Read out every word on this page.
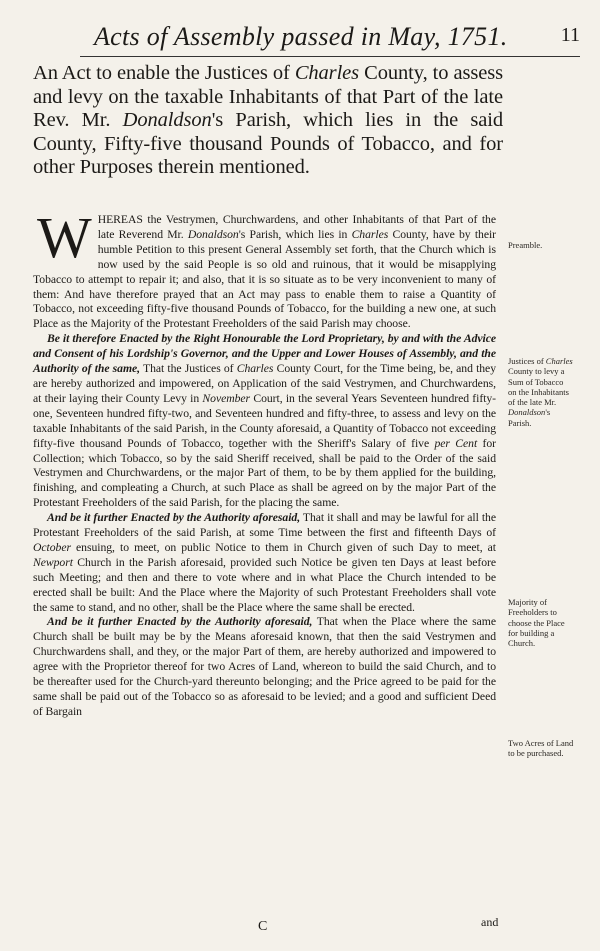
Acts of Assembly passed in May, 1751.	11
An Act to enable the Justices of Charles County, to assess and levy on the taxable Inhabitants of that Part of the late Rev. Mr. Donaldson's Parish, which lies in the said County, Fifty-five thousand Pounds of Tobacco, and for other Purposes therein mentioned.

WHEREAS the Vestrymen, Churchwardens, and other Inhabitants of that Part of the late Reverend Mr. Donaldson's Parish, which lies in Charles County, have by their humble Petition to this present General Assembly set forth, that the Church which is now used by the said People is so old and ruinous, that it would be misapplying Tobacco to attempt to repair it; and also, that it is so situate as to be very inconvenient to many of them: And have therefore prayed that an Act may pass to enable them to raise a Quantity of Tobacco, not exceeding fifty-five thousand Pounds of Tobacco, for the building a new one, at such Place as the Majority of the Protestant Freeholders of the said Parish may choose.

Be it therefore Enacted by the Right Honourable the Lord Proprietary, by and with the Advice and Consent of his Lordship's Governor, and the Upper and Lower Houses of Assembly, and the Authority of the same, That the Justices of Charles County Court, for the Time being, be, and they are hereby authorized and impowered, on Application of the said Vestrymen, and Churchwardens, at their laying their County Levy in November Court, in the several Years Seventeen hundred fifty-one, Seventeen hundred fifty-two, and Seventeen hundred and fifty-three, to assess and levy on the taxable Inhabitants of the said Parish, in the County aforesaid, a Quantity of Tobacco not exceeding fifty-five thousand Pounds of Tobacco, together with the Sheriff's Salary of five per Cent for Collection; which Tobacco, so by the said Sheriff received, shall be paid to the Order of the said Vestrymen and Churchwardens, or the major Part of them, to be by them applied for the building, finishing, and compleating a Church, at such Place as shall be agreed on by the major Part of the Protestant Freeholders of the said Parish, for the placing the same.

And be it further Enacted by the Authority aforesaid, That it shall and may be lawful for all the Protestant Freeholders of the said Parish, at some Time between the first and fifteenth Days of October ensuing, to meet, on public Notice to them in Church given of such Day to meet, at Newport Church in the Parish aforesaid, provided such Notice be given ten Days at least before such Meeting; and then and there to vote where and in what Place the Church intended to be erected shall be built: And the Place where the Majority of such Protestant Freeholders shall vote the same to stand, and no other, shall be the Place where the same shall be erected.

And be it further Enacted by the Authority aforesaid, That when the Place where the same Church shall be built may be by the Means aforesaid known, that then the said Vestrymen and Churchwardens shall, and they, or the major Part of them, are hereby authorized and impowered to agree with the Proprietor thereof for two Acres of Land, whereon to build the said Church, and to be thereafter used for the Church-yard thereunto belonging; and the Price agreed to be paid for the same shall be paid out of the Tobacco so as aforesaid to be levied; and a good and sufficient Deed of Bargain

Preamble.
Justices of Charles County to levy a Sum of Tobacco on the Inhabitants of the late Mr. Donaldson's Parish.
Majority of Freeholders to choose the Place for building a Church.
Two Acres of Land to be purchased.
C	and
